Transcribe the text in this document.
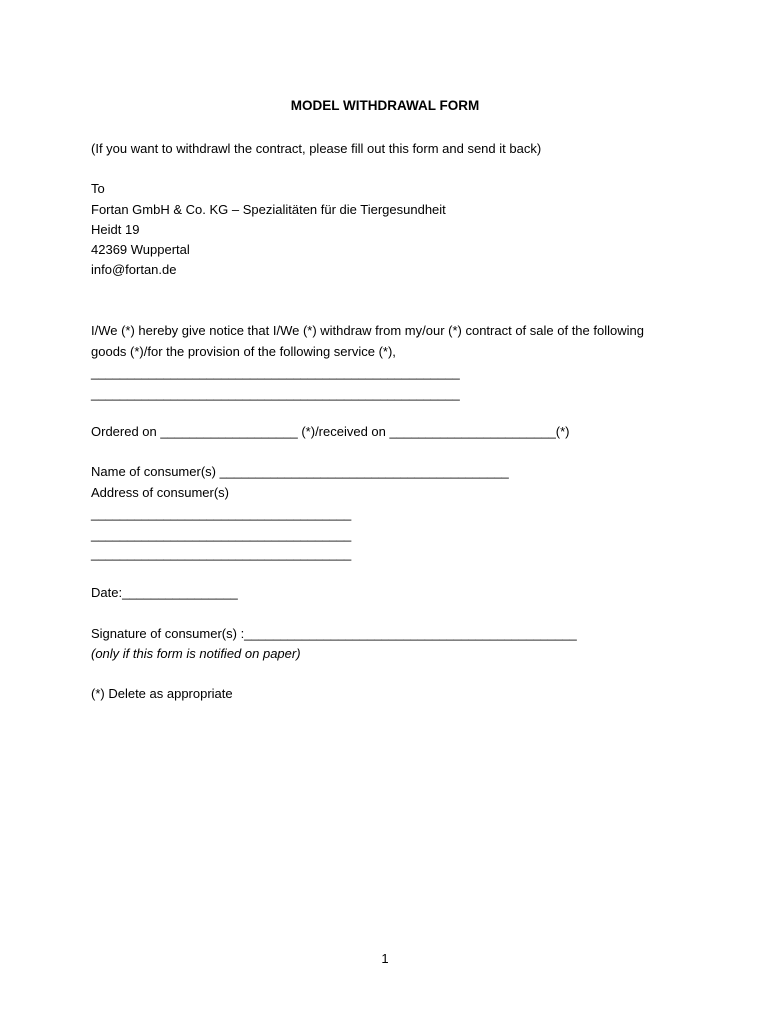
MODEL WITHDRAWAL FORM
(If you want to withdrawl the contract, please fill out this form and send it back)
To
Fortan GmbH & Co. KG – Spezialitäten für die Tiergesundheit
Heidt 19
42369 Wuppertal
info@fortan.de
I/We (*) hereby give notice that I/We (*) withdraw from my/our (*) contract of sale of the following
goods (*)/for the provision of the following service (*),
___________________________________________________
___________________________________________________
Ordered on ___________________ (*)/received on _______________________(*)
Name of consumer(s) ________________________________________
Address of consumer(s)
____________________________________
____________________________________
____________________________________
Date:________________
Signature of consumer(s) :______________________________________________
(only if this form is notified on paper)
(*) Delete as appropriate
1
